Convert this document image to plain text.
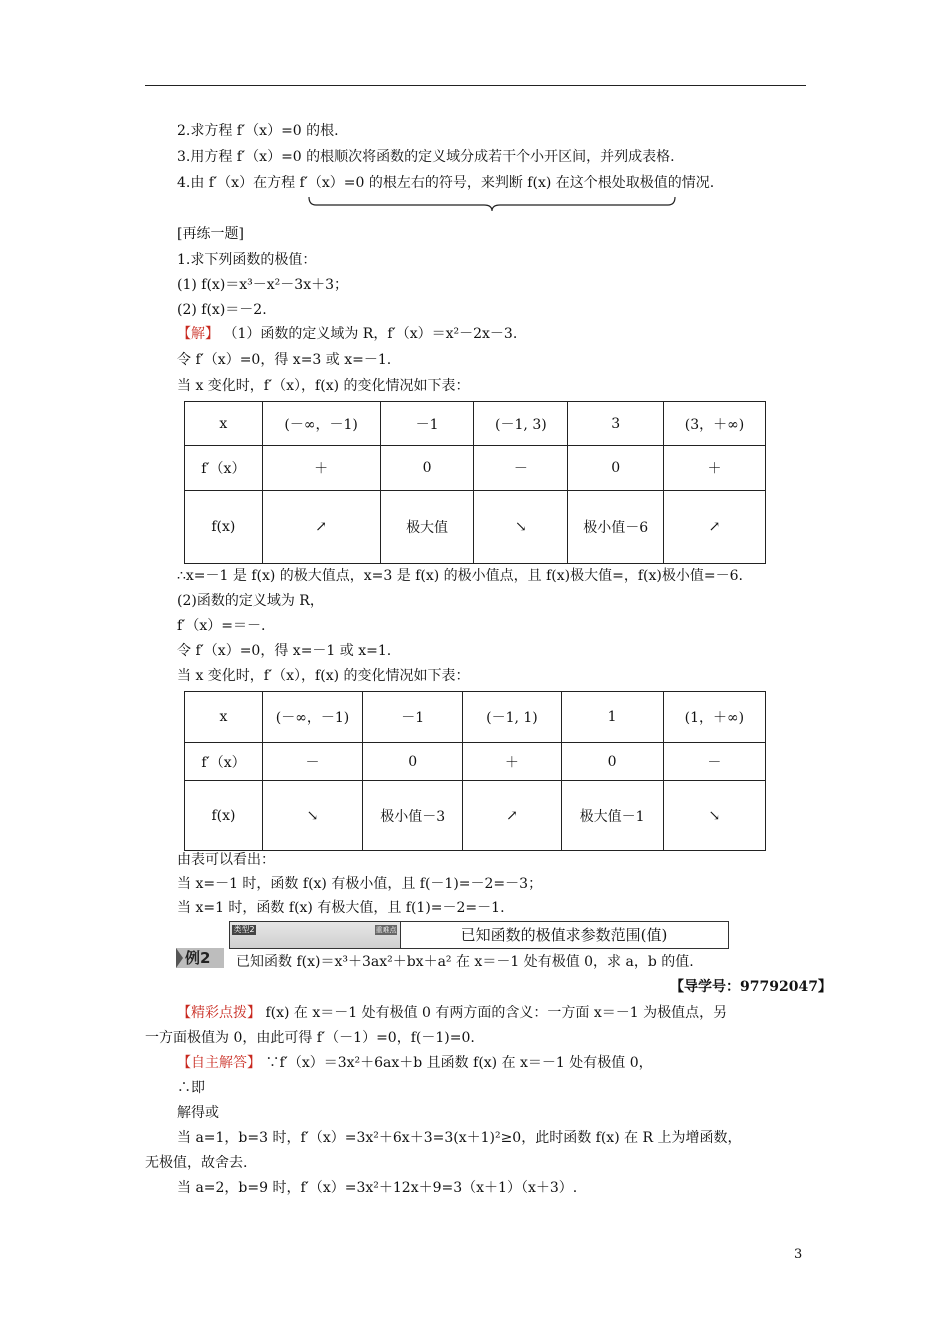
2.求方程 f′（x）=0 的根.
3.用方程 f′（x）=0 的根顺次将函数的定义域分成若干个小开区间，并列成表格.
4.由 f′（x）在方程 f′（x）=0 的根左右的符号，来判断 f(x) 在这个根处取极值的情况.
[再练一题]
1.求下列函数的极值：
(1) f(x)＝x³－x²－3x＋3；
(2) f(x)＝－2.
【解】 （1）函数的定义域为 R，f′（x）＝x²－2x－3.
令 f′（x）=0，得 x=3 或 x=－1.
当 x 变化时，f′（x），f(x) 的变化情况如下表：
x	(－∞，－1)	－1	(－1, 3)	3	(3，＋∞)
f′（x）	＋	0	－	0	＋
f(x)	↗	极大值	↘	极小值－6	↗
∴x=－1 是 f(x) 的极大值点，x=3 是 f(x) 的极小值点，且 f(x)极大值=，f(x)极小值=－6.
(2)函数的定义域为 R，
f′（x）=＝－.
令 f′（x）=0，得 x=－1 或 x=1.
当 x 变化时，f′（x），f(x) 的变化情况如下表：
x	(－∞，－1)	－1	(－1, 1)	1	(1，＋∞)
f′（x）	－	0	＋	0	－
f(x)	↘	极小值－3	↗	极大值－1	↘
由表可以看出：
当 x=－1 时，函数 f(x) 有极小值，且 f(－1)=－2=－3；
当 x=1 时，函数 f(x) 有极大值，且 f(1)=－2=－1.
类型2	重难点	已知函数的极值求参数范围(值)
例2 已知函数 f(x)＝x³＋3ax²＋bx＋a² 在 x＝－1 处有极值 0，求 a，b 的值.
【导学号：97792047】
【精彩点拨】 f(x) 在 x＝－1 处有极值 0 有两方面的含义：一方面 x＝－1 为极值点，另
一方面极值为 0，由此可得 f′（－1）=0，f(－1)=0.
【自主解答】 ∵f′（x）＝3x²＋6ax＋b 且函数 f(x) 在 x＝－1 处有极值 0，
∴即
解得或
当 a=1，b=3 时，f′（x）=3x²＋6x＋3=3(x＋1)²≥0，此时函数 f(x) 在 R 上为增函数，
无极值，故舍去.
当 a=2，b=9 时，f′（x）=3x²＋12x＋9=3（x＋1）（x＋3）.
3
